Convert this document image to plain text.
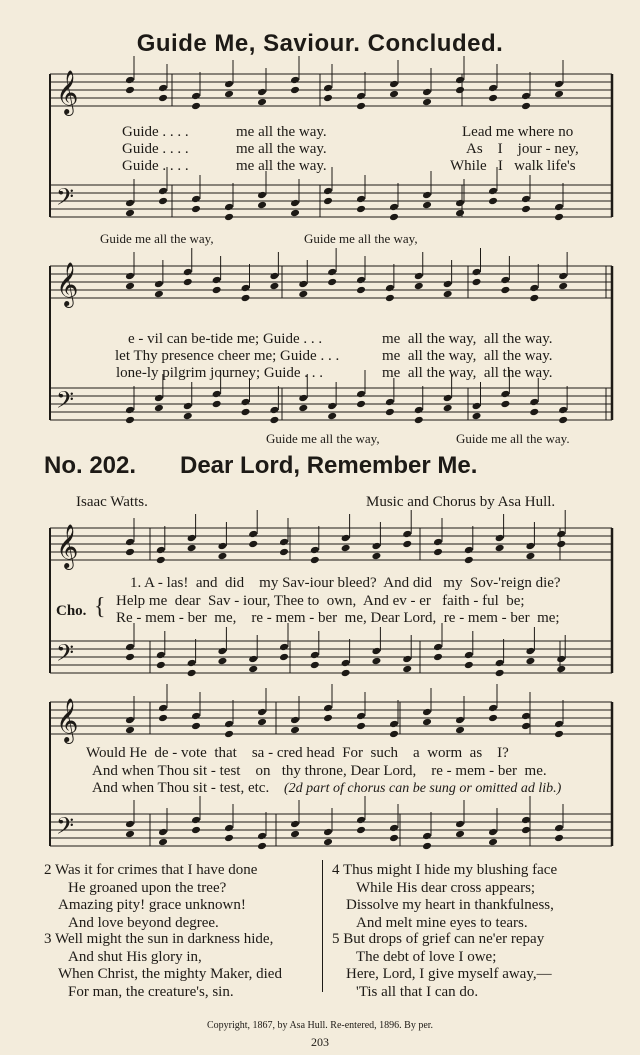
𝄞
𝄢
𝄞
𝄢
𝄞
𝄢
𝄞
𝄢
Guide Me, Saviour. Concluded.
Guide . . . .	me all the way.	Lead me where no
Guide . . . .	me all the way.	As    I    jour - ney,
Guide . . . .	me all the way.	While   I   walk life's
Guide me all the way,	Guide me all the way,
e - vil can be-tide me; Guide . . .	me  all the way,  all the way.
let Thy presence cheer me; Guide . . .	me  all the way,  all the way.
lone-ly pilgrim journey; Guide . . .	me  all the way,  all the way.
Guide me all the way,	Guide me all the way.
No. 202. Dear Lord, Remember Me.
Isaac Watts.	Music and Chorus by Asa Hull.
1. A - las!  and  did    my Sav-iour bleed?  And did   my  Sov-'reign die?
Cho. { Help me  dear  Sav - iour, Thee to  own,  And ev - er   faith - ful  be;
Re - mem - ber  me,    re - mem - ber  me, Dear Lord,  re - mem - ber  me;
Would He  de - vote  that    sa - cred head  For  such    a  worm  as    I?
And when Thou sit - test    on   thy throne, Dear Lord,    re - mem - ber  me.
And when Thou sit - test, etc. (2d part of chorus can be sung or omitted ad lib.)
2 Was it for crimes that I have done
He groaned upon the tree?
Amazing pity! grace unknown!
And love beyond degree.
3 Well might the sun in darkness hide,
And shut His glory in,
When Christ, the mighty Maker, died
For man, the creature's, sin.
4 Thus might I hide my blushing face
While His dear cross appears;
Dissolve my heart in thankfulness,
And melt mine eyes to tears.
5 But drops of grief can ne'er repay
The debt of love I owe;
Here, Lord, I give myself away,—
'Tis all that I can do.
Copyright, 1867, by Asa Hull. Re-entered, 1896. By per.
203
